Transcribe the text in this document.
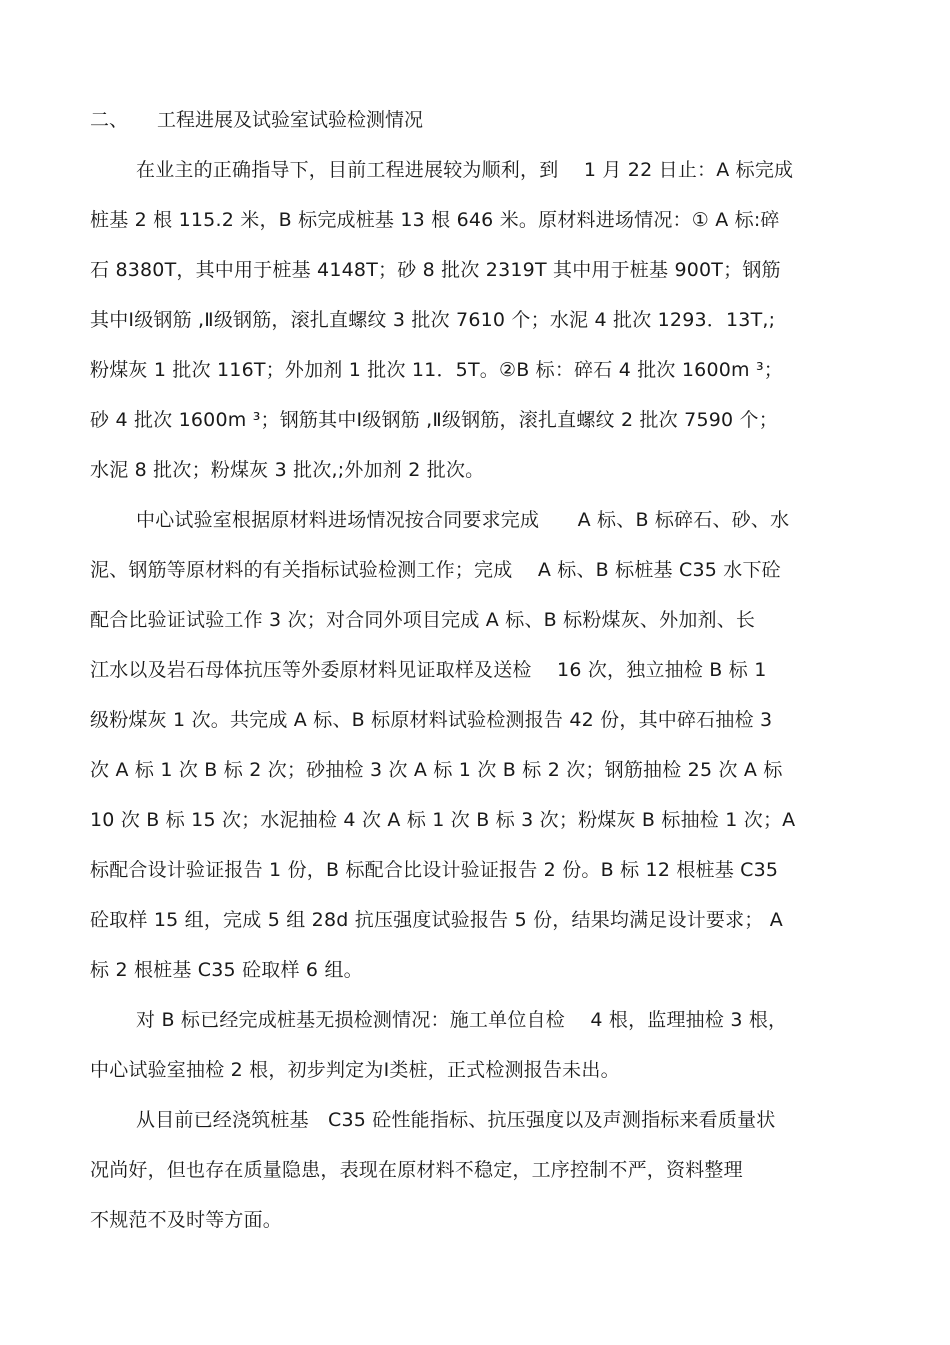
二、 工程进展及试验室试验检测情况
在业主的正确指导下，目前工程进展较为顺利，到　 1 月 22 日止：A 标完成
桩基 2 根 115.2 米，B 标完成桩基 13 根 646 米。原材料进场情况：① A 标:碎
石 8380T，其中用于桩基 4148T；砂 8 批次 2319T 其中用于桩基 900T；钢筋
其中Ⅰ级钢筋 ,Ⅱ级钢筋，滚扎直螺纹 3 批次 7610 个；水泥 4 批次 1293．13T,;
粉煤灰 1 批次 116T；外加剂 1 批次 11．5T。②B 标：碎石 4 批次 1600m ³；
砂 4 批次 1600m ³；钢筋其中Ⅰ级钢筋 ,Ⅱ级钢筋，滚扎直螺纹 2 批次 7590 个；
水泥 8 批次；粉煤灰 3 批次,;外加剂 2 批次。
中心试验室根据原材料进场情况按合同要求完成　　A 标、B 标碎石、砂、水
泥、钢筋等原材料的有关指标试验检测工作；完成　 A 标、B 标桩基 C35 水下砼
配合比验证试验工作 3 次；对合同外项目完成 A 标、B 标粉煤灰、外加剂、长
江水以及岩石母体抗压等外委原材料见证取样及送检　 16 次，独立抽检 B 标 1
级粉煤灰 1 次。共完成 A 标、B 标原材料试验检测报告 42 份，其中碎石抽检 3
次 A 标 1 次 B 标 2 次；砂抽检 3 次 A 标 1 次 B 标 2 次；钢筋抽检 25 次 A 标
10 次 B 标 15 次；水泥抽检 4 次 A 标 1 次 B 标 3 次；粉煤灰 B 标抽检 1 次；A
标配合设计验证报告 1 份，B 标配合比设计验证报告 2 份。B 标 12 根桩基 C35
砼取样 15 组，完成 5 组 28d 抗压强度试验报告 5 份，结果均满足设计要求； A
标 2 根桩基 C35 砼取样 6 组。
对 B 标已经完成桩基无损检测情况：施工单位自检　 4 根，监理抽检 3 根，
中心试验室抽检 2 根，初步判定为Ⅰ类桩，正式检测报告未出。
从目前已经浇筑桩基　C35 砼性能指标、抗压强度以及声测指标来看质量状
况尚好，但也存在质量隐患，表现在原材料不稳定，工序控制不严，资料整理
不规范不及时等方面。
